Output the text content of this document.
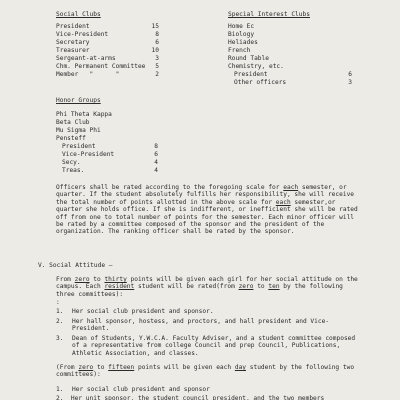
Social Clubs
President	15
Vice-President	8
Secretary	6
Treasurer	10
Sergeant-at-arms	3
Chm. Permanent Committee	5
Member   "      "	2
Special Interest Clubs
Home Ec
Biology
Heliades
French
Round Table
Chemistry, etc.
President	6
Other officers	3
Honor Groups
Phi Theta Kappa
Beta Club
Mu Sigma Phi
Pensteff
President	8
Vice-President	6
Secy.	4
Treas.	4
Officers shall be rated according to the foregoing scale for each semester, or quarter. If the student absolutely fulfills her responsibility, she will receive the total number of points allotted in the above scale for each semester,or quarter she holds office. If she is indifferent, or inefficient she will be rated off from one to total number of points for the semester. Each minor officer will be rated by a committee composed of the sponsor and the president of the organization. The ranking officer shall be rated by the sponsor.
V. Social Attitude —
From zero to thirty points will be given each girl for her social attitude on the campus. Each resident student will be rated(from zero to ten by the following three committees):
:
1. Her social club president and sponsor.
2. Her hall sponsor, hostess, and proctors, and hall president and Vice-President.
3. Dean of Students, Y.W.C.A. Faculty Adviser, and a student committee composed of a representative from college Council and prep Council, Publications, Athletic Association, and classes.
(From zero to fifteen points will be given each day student by the following two committees):
1. Her social club president and sponsor
2.  Her unit sponsor, the student council president, and the two members
